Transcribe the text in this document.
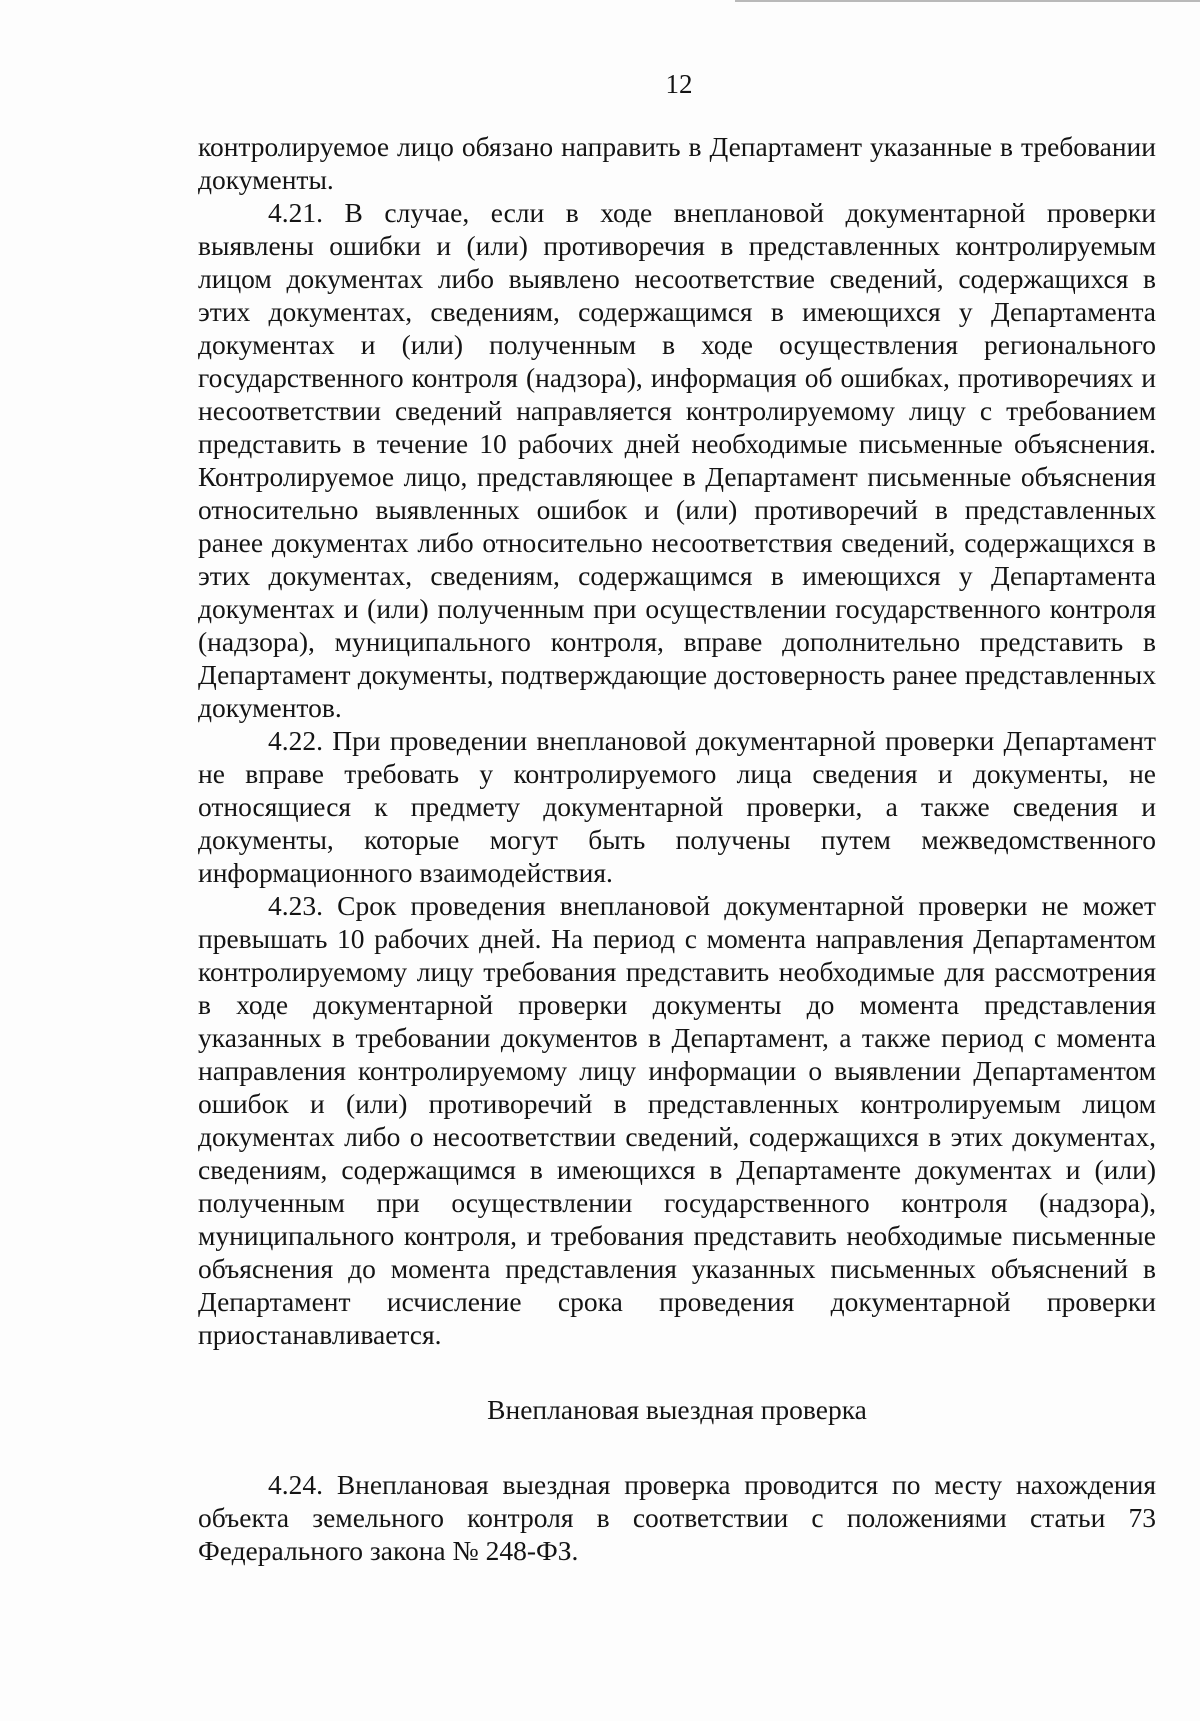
12

контролируемое лицо обязано направить в Департамент указанные в требовании документы.

4.21. В случае, если в ходе внеплановой документарной проверки выявлены ошибки и (или) противоречия в представленных контролируемым лицом документах либо выявлено несоответствие сведений, содержащихся в этих документах, сведениям, содержащимся в имеющихся у Департамента документах и (или) полученным в ходе осуществления регионального государственного контроля (надзора), информация об ошибках, противоречиях и несоответствии сведений направляется контролируемому лицу с требованием представить в течение 10 рабочих дней необходимые письменные объяснения. Контролируемое лицо, представляющее в Департамент письменные объяснения относительно выявленных ошибок и (или) противоречий в представленных ранее документах либо относительно несоответствия сведений, содержащихся в этих документах, сведениям, содержащимся в имеющихся у Департамента документах и (или) полученным при осуществлении государственного контроля (надзора), муниципального контроля, вправе дополнительно представить в Департамент документы, подтверждающие достоверность ранее представленных документов.

4.22. При проведении внеплановой документарной проверки Департамент не вправе требовать у контролируемого лица сведения и документы, не относящиеся к предмету документарной проверки, а также сведения и документы, которые могут быть получены путем межведомственного информационного взаимодействия.

4.23. Срок проведения внеплановой документарной проверки не может превышать 10 рабочих дней. На период с момента направления Департаментом контролируемому лицу требования представить необходимые для рассмотрения в ходе документарной проверки документы до момента представления указанных в требовании документов в Департамент, а также период с момента направления контролируемому лицу информации о выявлении Департаментом ошибок и (или) противоречий в представленных контролируемым лицом документах либо о несоответствии сведений, содержащихся в этих документах, сведениям, содержащимся в имеющихся в Департаменте документах и (или) полученным при осуществлении государственного контроля (надзора), муниципального контроля, и требования представить необходимые письменные объяснения до момента представления указанных письменных объяснений в Департамент исчисление срока проведения документарной проверки приостанавливается.

Внеплановая выездная проверка

4.24. Внеплановая выездная проверка проводится по месту нахождения объекта земельного контроля в соответствии с положениями статьи 73 Федерального закона № 248-ФЗ.
